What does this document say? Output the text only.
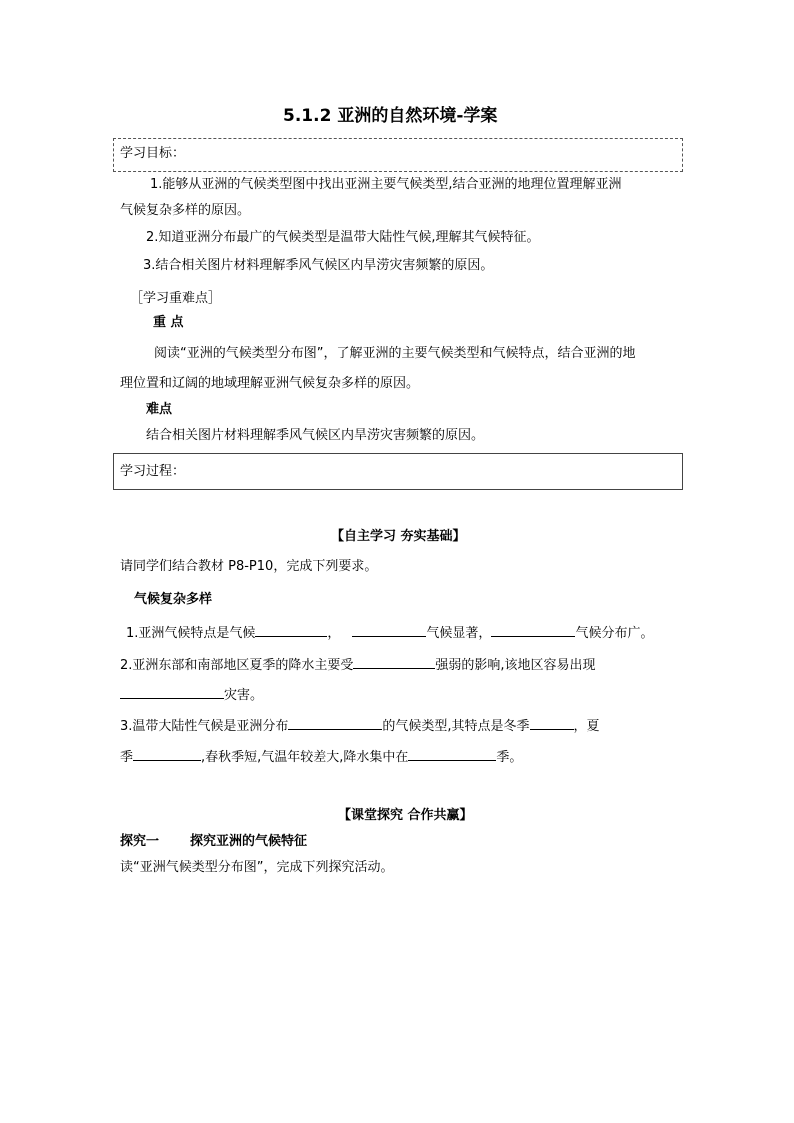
5.1.2 亚洲的自然环境-学案
学习目标：
1.能够从亚洲的气候类型图中找出亚洲主要气候类型,结合亚洲的地理位置理解亚洲
气候复杂多样的原因。
2.知道亚洲分布最广的气候类型是温带大陆性气候,理解其气候特征。
3.结合相关图片材料理解季风气候区内旱涝灾害频繁的原因。
［学习重难点］
重 点
阅读“亚洲的气候类型分布图”，了解亚洲的主要气候类型和气候特点，结合亚洲的地
理位置和辽阔的地域理解亚洲气候复杂多样的原因。
难点
结合相关图片材料理解季风气候区内旱涝灾害频繁的原因。
学习过程：
【自主学习 夯实基础】
请同学们结合教材 P8-P10，完成下列要求。
气候复杂多样
1.亚洲气候特点是气候	，	气候显著，	气候分布广。
2.亚洲东部和南部地区夏季的降水主要受	强弱的影响,该地区容易出现
灾害。
3.温带大陆性气候是亚洲分布	的气候类型,其特点是冬季	，夏
季	,春秋季短,气温年较差大,降水集中在	季。
【课堂探究 合作共赢】
探究一 探究亚洲的气候特征
读“亚洲气候类型分布图”，完成下列探究活动。
